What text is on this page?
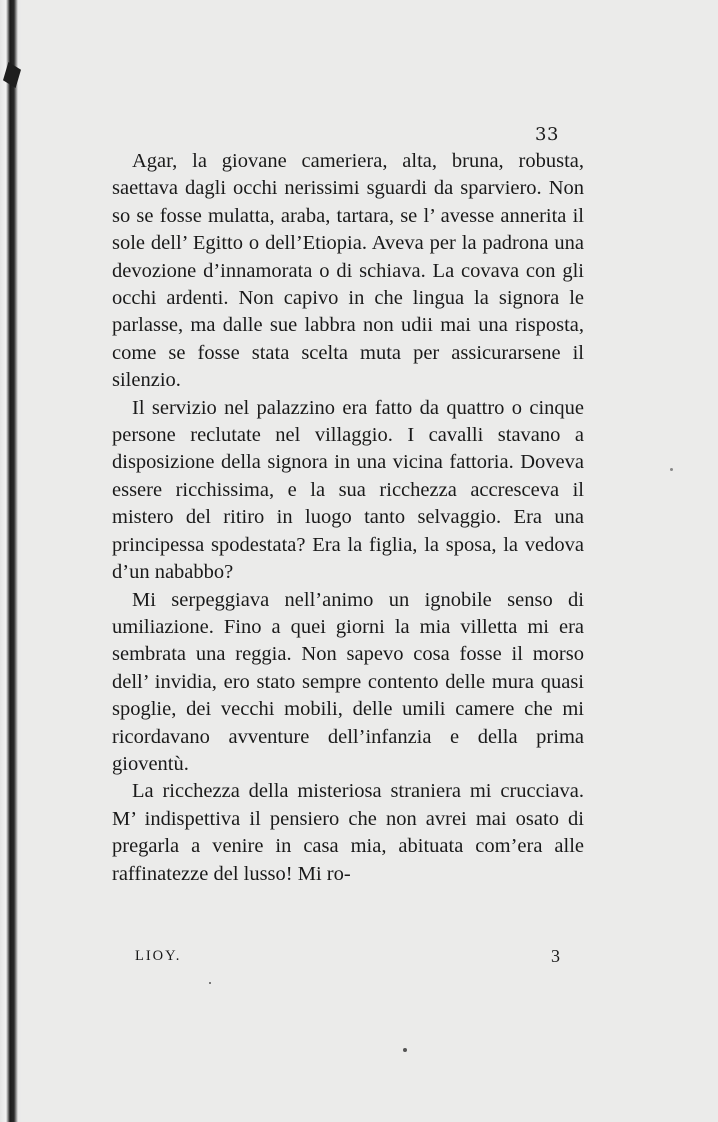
33

Agar, la giovane cameriera, alta, bruna, robusta, saettava dagli occhi nerissimi sguardi da sparviero. Non so se fosse mulatta, araba, tartara, se l’ avesse annerita il sole dell’ Egitto o dell’Etiopia. Aveva per la padrona una devozione d’innamorata o di schiava. La covava con gli occhi ardenti. Non capivo in che lingua la signora le parlasse, ma dalle sue labbra non udii mai una risposta, come se fosse stata scelta muta per assicurarsene il silenzio.

Il servizio nel palazzino era fatto da quattro o cinque persone reclutate nel villaggio. I cavalli stavano a disposizione della signora in una vicina fattoria. Doveva essere ricchissima, e la sua ricchezza accresceva il mistero del ritiro in luogo tanto selvaggio. Era una principessa spodestata? Era la figlia, la sposa, la vedova d’un nababbo?

Mi serpeggiava nell’animo un ignobile senso di umiliazione. Fino a quei giorni la mia villetta mi era sembrata una reggia. Non sapevo cosa fosse il morso dell’ invidia, ero stato sempre contento delle mura quasi spoglie, dei vecchi mobili, delle umili camere che mi ricordavano avventure dell’infanzia e della prima gioventù.

La ricchezza della misteriosa straniera mi crucciava. M’ indispettiva il pensiero che non avrei mai osato di pregarla a venire in casa mia, abituata com’era alle raffinatezze del lusso! Mi ro-

LIOY.	3
